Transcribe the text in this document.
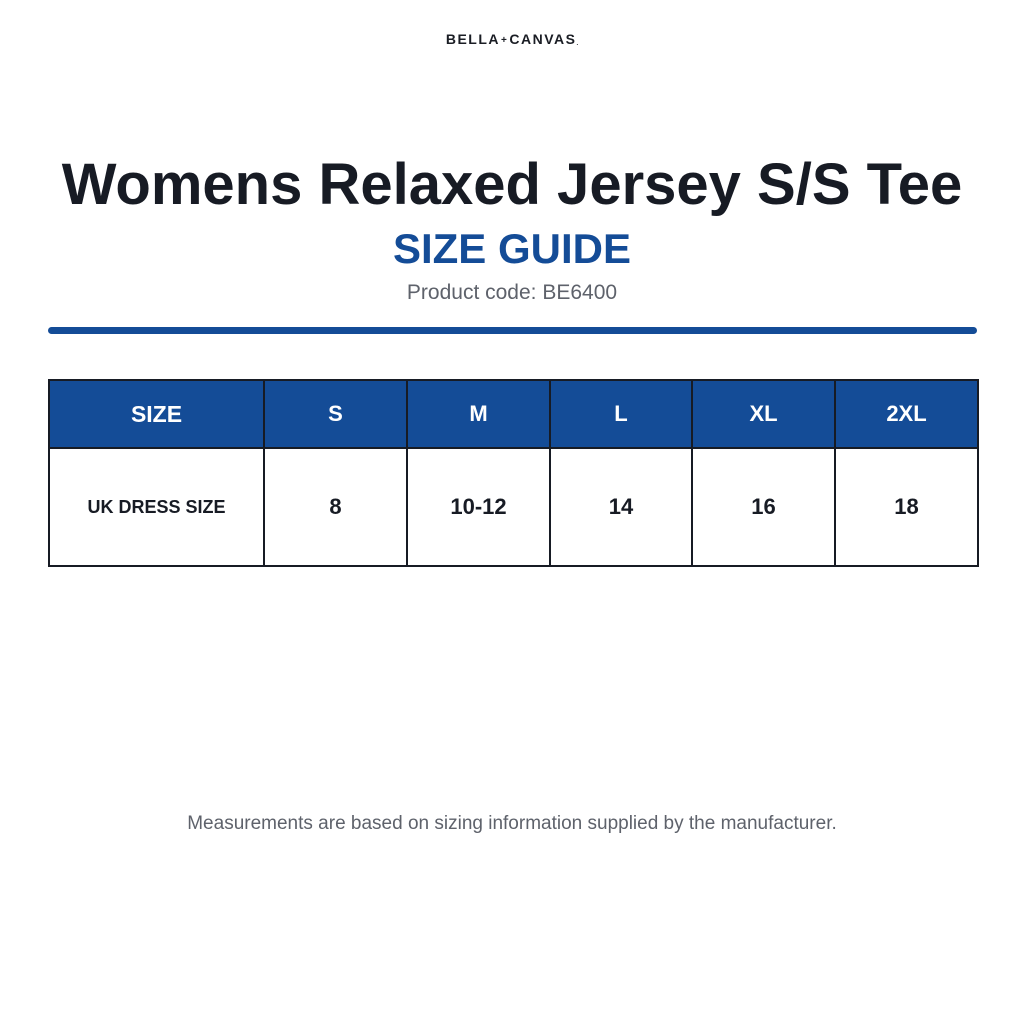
BELLA+CANVAS.
Womens Relaxed Jersey S/S Tee
SIZE GUIDE
Product code: BE6400
SIZE	S	M	L	XL	2XL
UK DRESS SIZE	8	10-12	14	16	18
Measurements are based on sizing information supplied by the manufacturer.
